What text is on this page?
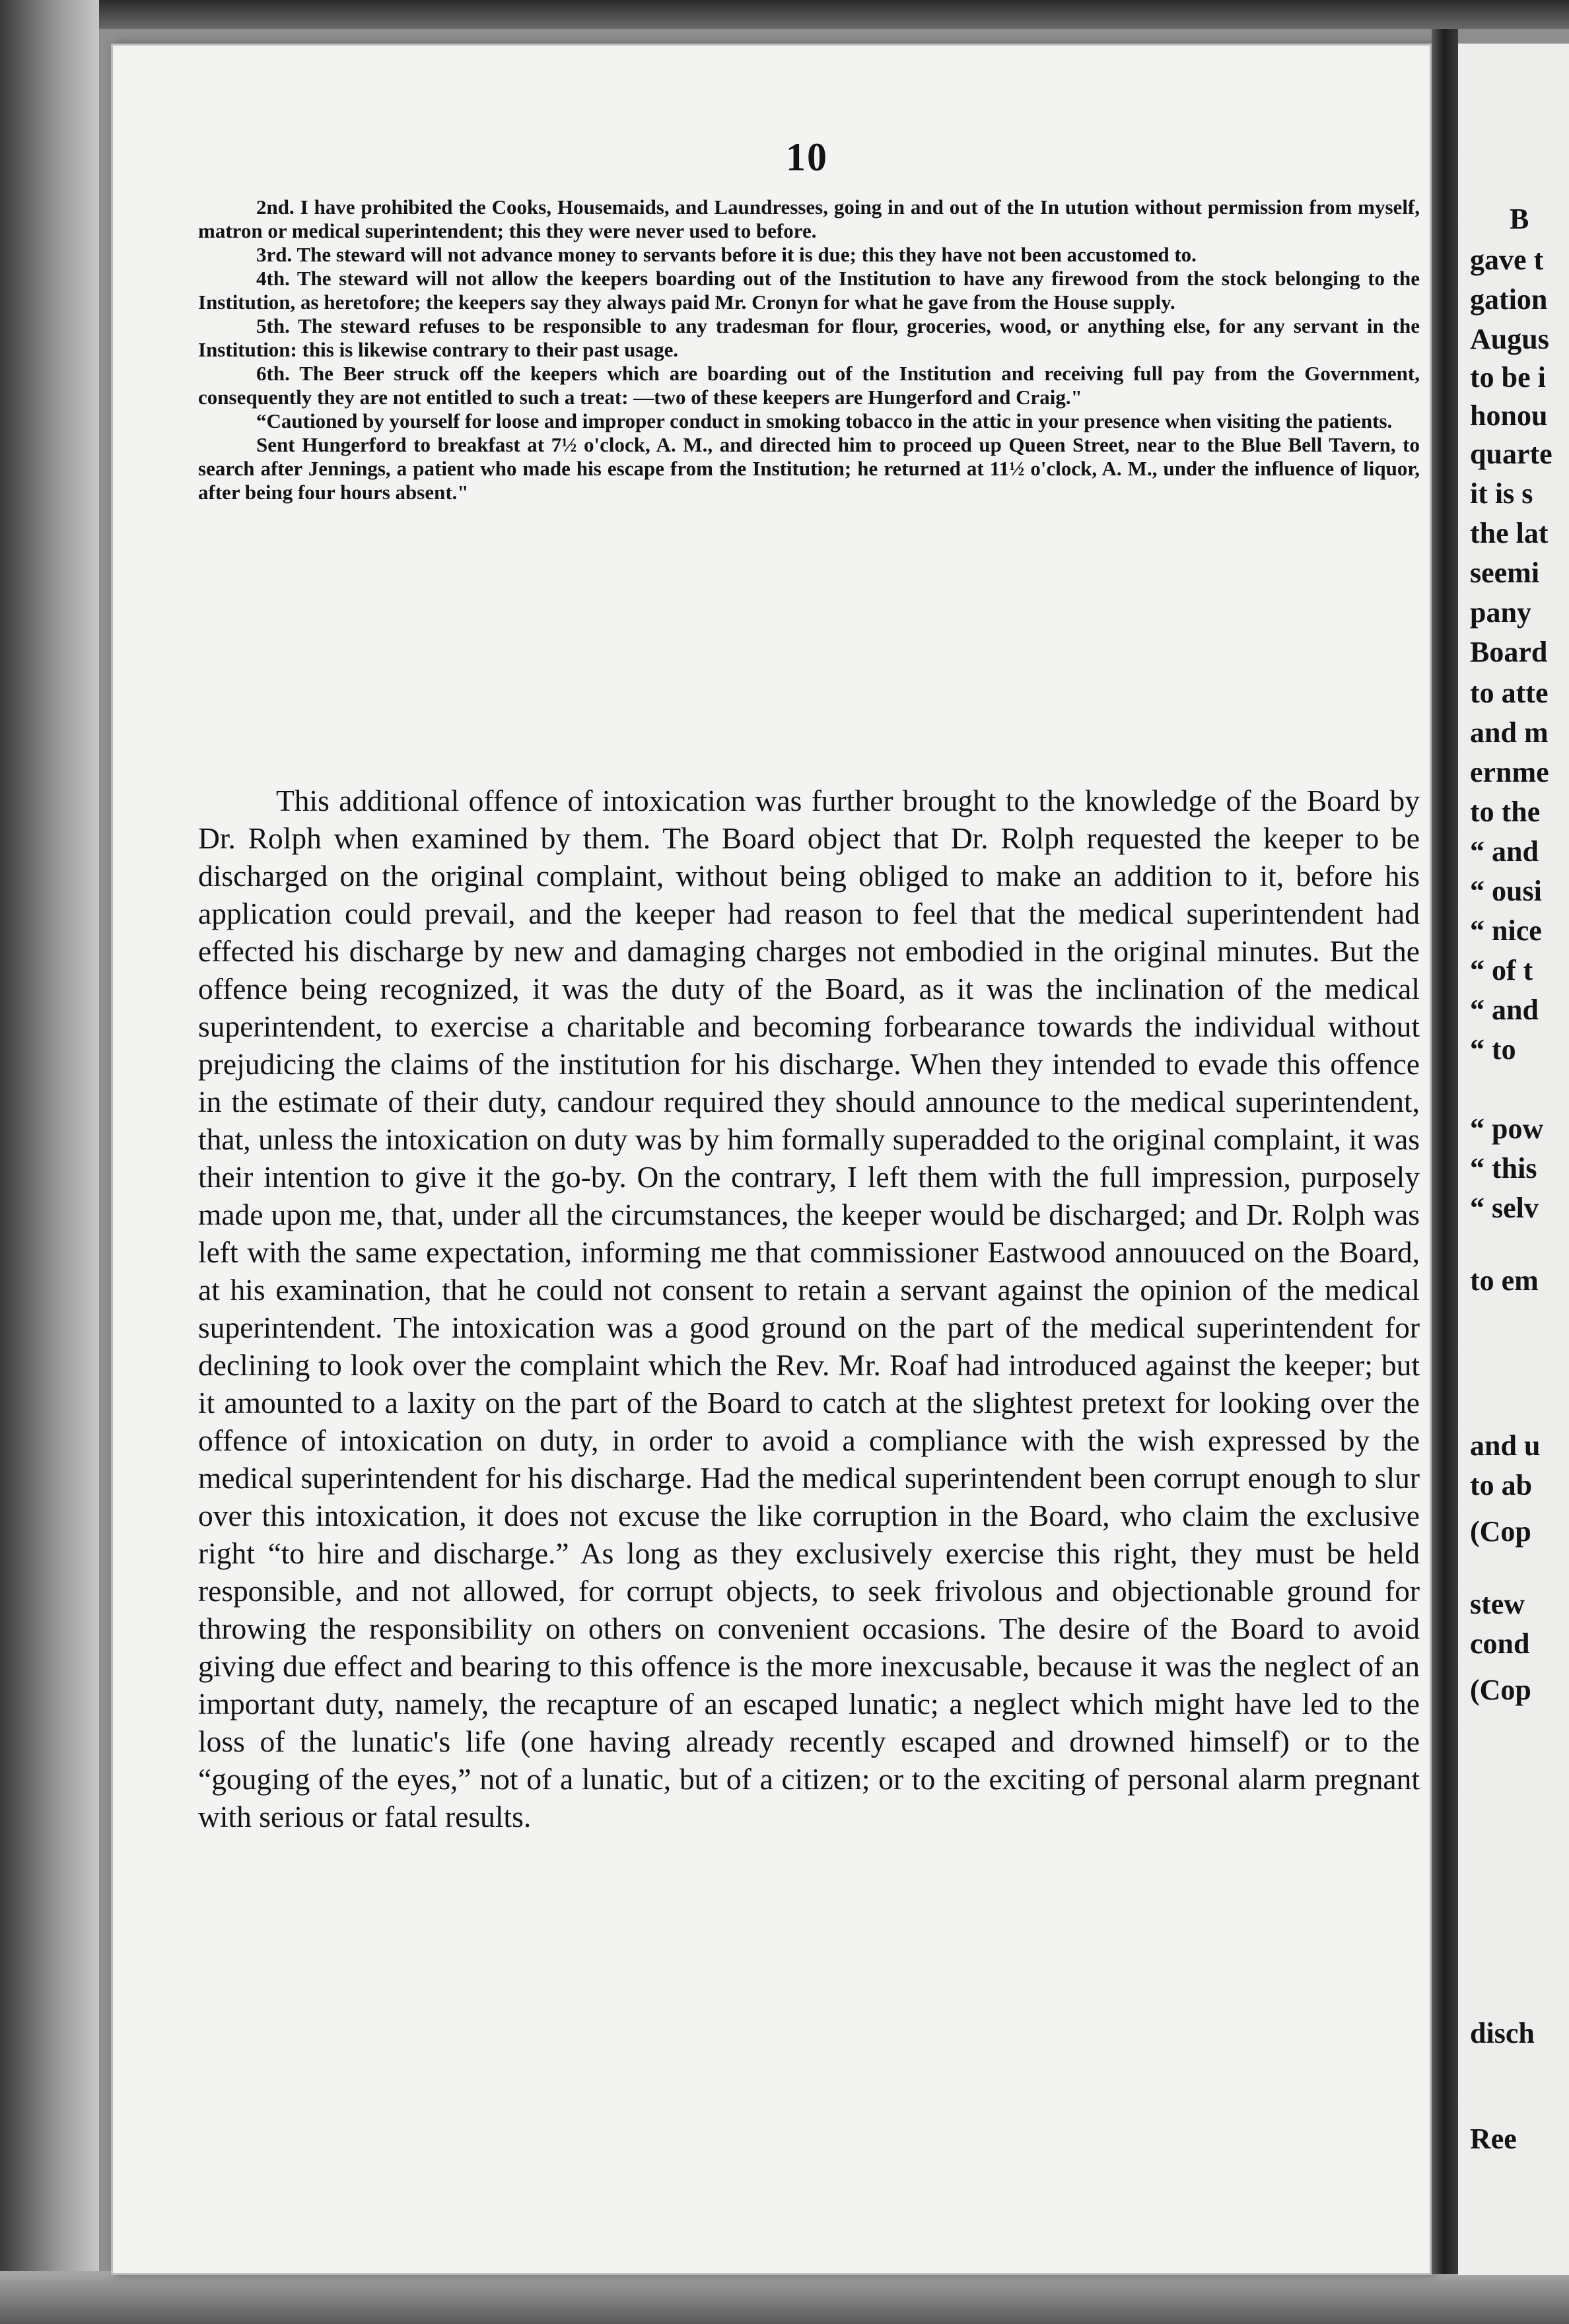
10

2nd. I have prohibited the Cooks, Housemaids, and Laundresses, going in and out of the In utution without permission from myself, matron or medical superintendent; this they were never used to before.

3rd. The steward will not advance money to servants before it is due; this they have not been accustomed to.

4th. The steward will not allow the keepers boarding out of the Institution to have any firewood from the stock belonging to the Institution, as heretofore; the keepers say they always paid Mr. Cronyn for what he gave from the House supply.

5th. The steward refuses to be responsible to any tradesman for flour, groceries, wood, or anything else, for any servant in the Institution: this is likewise contrary to their past usage.

6th. The Beer struck off the keepers which are boarding out of the Institution and receiving full pay from the Government, consequently they are not entitled to such a treat: —two of these keepers are Hungerford and Craig."

“Cautioned by yourself for loose and improper conduct in smoking tobacco in the attic in your presence when visiting the patients.

Sent Hungerford to breakfast at 7½ o'clock, A. M., and directed him to proceed up Queen Street, near to the Blue Bell Tavern, to search after Jennings, a patient who made his escape from the Institution; he returned at 11½ o'clock, A. M., under the influence of liquor, after being four hours absent."

This additional offence of intoxication was further brought to the knowledge of the Board by Dr. Rolph when examined by them. The Board object that Dr. Rolph requested the keeper to be discharged on the original complaint, without being obliged to make an addition to it, before his application could prevail, and the keeper had reason to feel that the medical superintendent had effected his discharge by new and damaging charges not embodied in the original minutes. But the offence being recognized, it was the duty of the Board, as it was the inclination of the medical superintendent, to exercise a charitable and becoming forbearance towards the individual without prejudicing the claims of the institution for his discharge. When they intended to evade this offence in the estimate of their duty, candour required they should announce to the medical superintendent, that, unless the intoxication on duty was by him formally superadded to the original complaint, it was their intention to give it the go-by. On the contrary, I left them with the full impression, purposely made upon me, that, under all the circumstances, the keeper would be discharged; and Dr. Rolph was left with the same expectation, informing me that commissioner Eastwood annouuced on the Board, at his examination, that he could not consent to retain a servant against the opinion of the medical superintendent. The intoxication was a good ground on the part of the medical superintendent for declining to look over the complaint which the Rev. Mr. Roaf had introduced against the keeper; but it amounted to a laxity on the part of the Board to catch at the slightest pretext for looking over the offence of intoxication on duty, in order to avoid a compliance with the wish expressed by the medical superintendent for his discharge. Had the medical superintendent been corrupt enough to slur over this intoxication, it does not excuse the like corruption in the Board, who claim the exclusive right “to hire and discharge.” As long as they exclusively exercise this right, they must be held responsible, and not allowed, for corrupt objects, to seek frivolous and objectionable ground for throwing the responsibility on others on convenient occasions. The desire of the Board to avoid giving due effect and bearing to this offence is the more inexcusable, because it was the neglect of an important duty, namely, the recapture of an escaped lunatic; a neglect which might have led to the loss of the lunatic's life (one having already recently escaped and drowned himself) or to the “gouging of the eyes,” not of a lunatic, but of a citizen; or to the exciting of personal alarm pregnant with serious or fatal results.

B
gave t
gation
Augus
to be i
honou
quarte
it is s
the lat
seemi
pany
Board
to atte
and m
ernme
to the
“ and
“ ousi
“ nice
“ of t
“ and
“ to
“ pow
“ this
“ selv
to em
and u
to ab
(Cop
stew
cond
(Cop
disch
Ree
